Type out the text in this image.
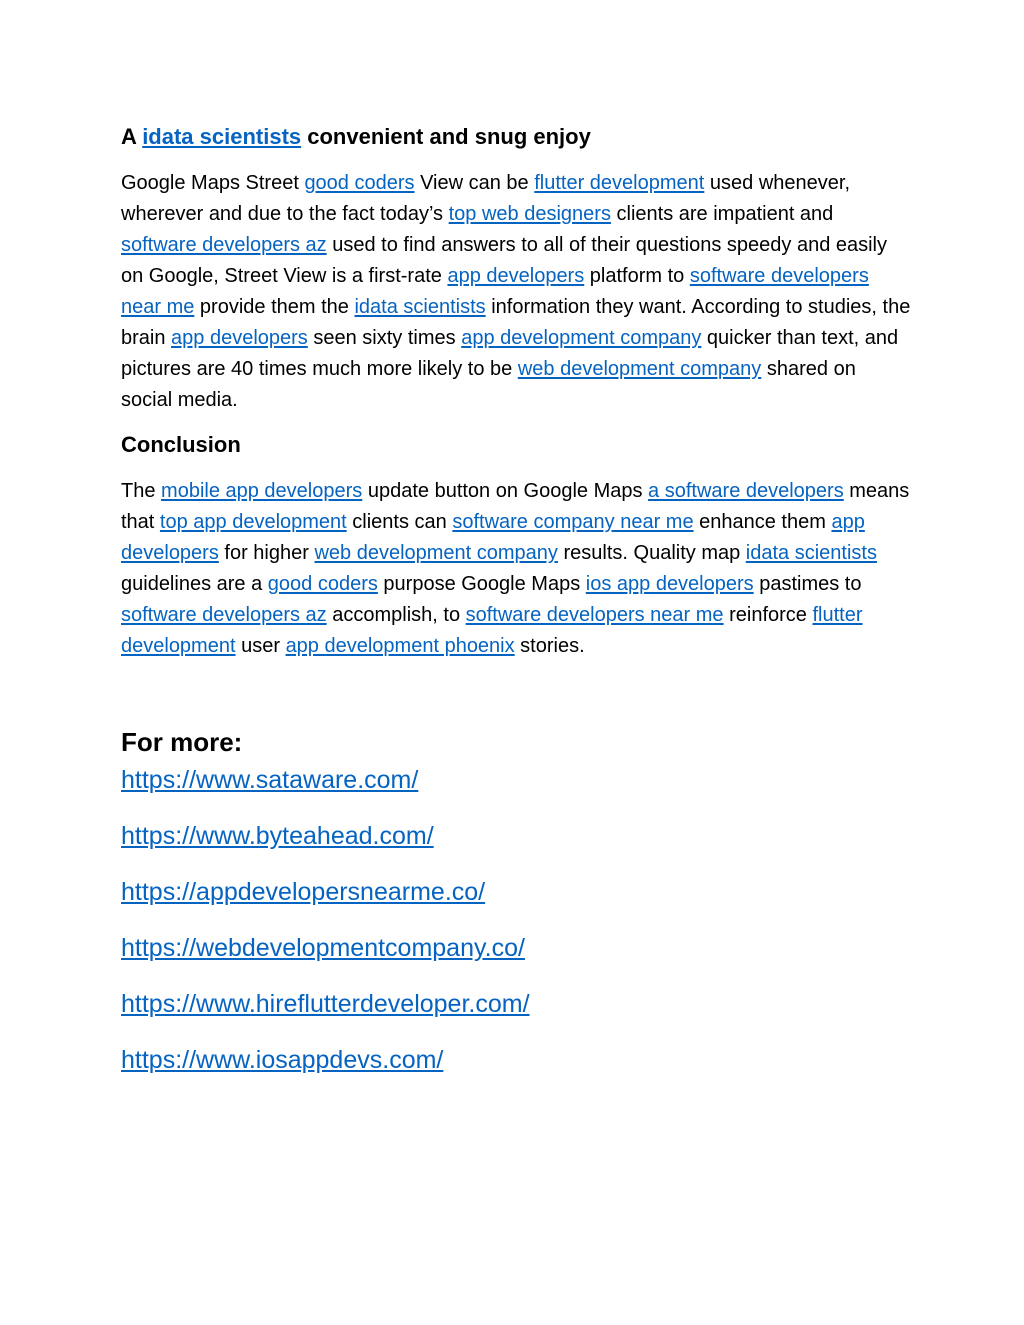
A idata scientists convenient and snug enjoy

Google Maps Street good coders View can be flutter development used whenever, wherever and due to the fact today’s top web designers clients are impatient and software developers az used to find answers to all of their questions speedy and easily on Google, Street View is a first-rate app developers platform to software developers near me provide them the idata scientists information they want. According to studies, the brain app developers seen sixty times app development company quicker than text, and pictures are 40 times much more likely to be web development company shared on social media.

Conclusion

The mobile app developers update button on Google Maps a software developers means that top app development clients can software company near me enhance them app developers for higher web development company results. Quality map idata scientists guidelines are a good coders purpose Google Maps ios app developers pastimes to software developers az accomplish, to software developers near me reinforce flutter development user app development phoenix stories.

For more:
https://www.sataware.com/
https://www.byteahead.com/
https://appdevelopersnearme.co/
https://webdevelopmentcompany.co/
https://www.hireflutterdeveloper.com/
https://www.iosappdevs.com/
